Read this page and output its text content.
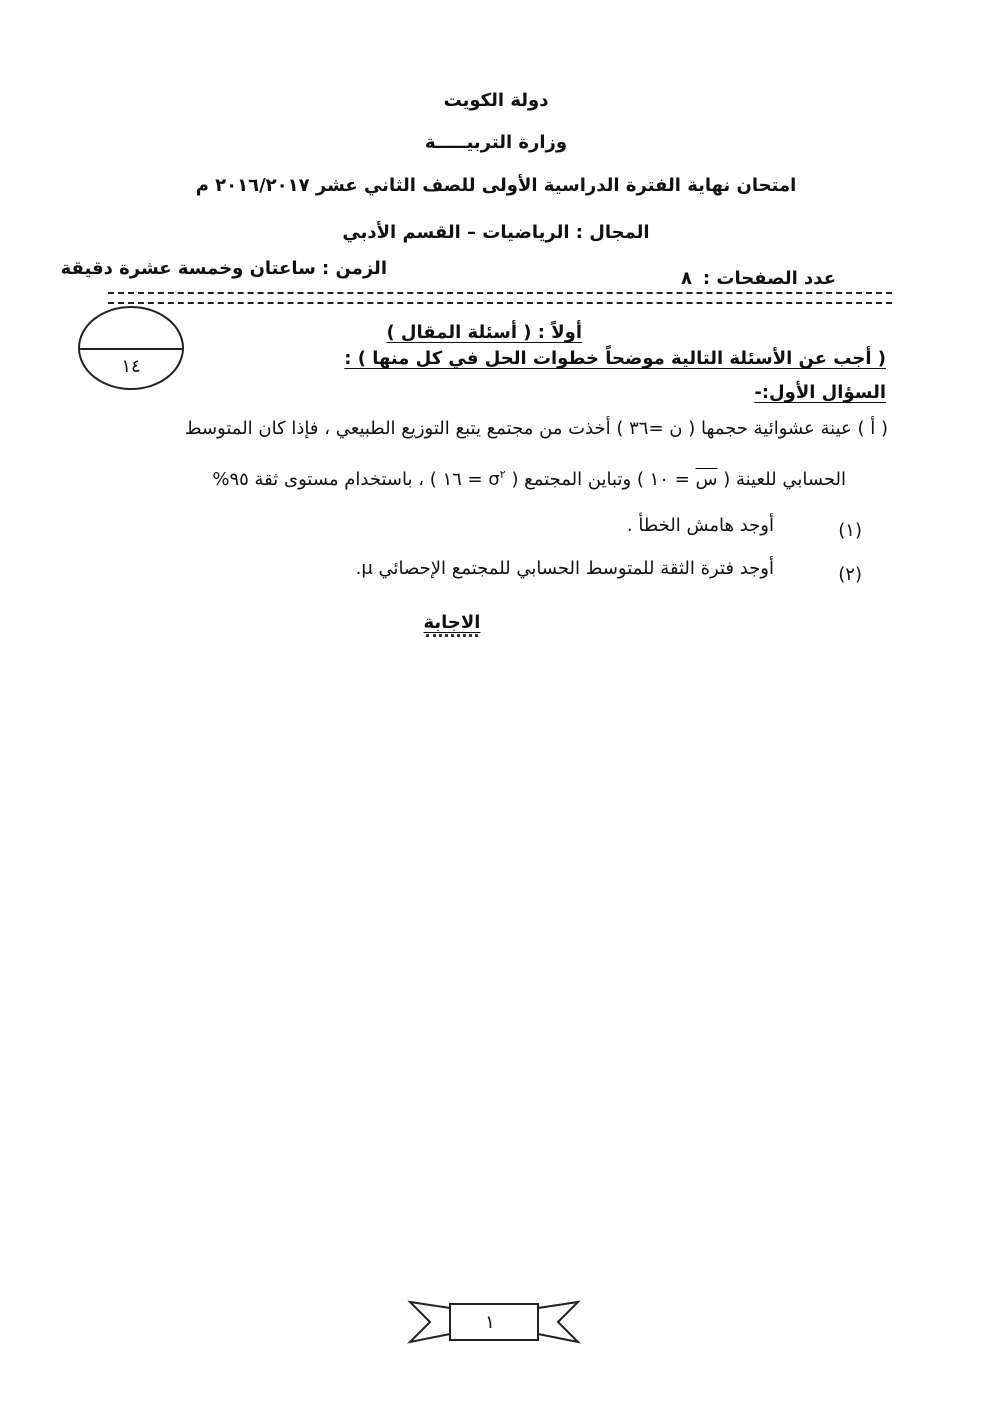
دولة الكويت
وزارة التربيـــــة
امتحان نهاية الفترة الدراسية الأولى للصف الثاني عشر ٢٠١٦/٢٠١٧ م
المجال : الرياضيات – القسم الأدبي
عدد الصفحات :
٨
الزمن : ساعتان وخمسة عشرة دقيقة
١٤
أولاً : ( أسئلة المقال )
( أجب عن الأسئلة التالية موضحاً خطوات الحل في كل منها ) :
السؤال الأول:-
( أ ) عينة عشوائية حجمها ( ن =٣٦ ) أخذت من مجتمع يتبع التوزيع الطبيعي ، فإذا كان المتوسط
الحسابي للعينة ( س = ١٠ ) وتباين المجتمع ( $\sigma^٢$ = ١٦ ) ، باستخدام مستوى ثقة ٩٥%
(١)
أوجد هامش الخطأ .
(٢)
أوجد فترة الثقة للمتوسط الحسابي للمجتمع الإحصائي μ.
الاجابة
١
